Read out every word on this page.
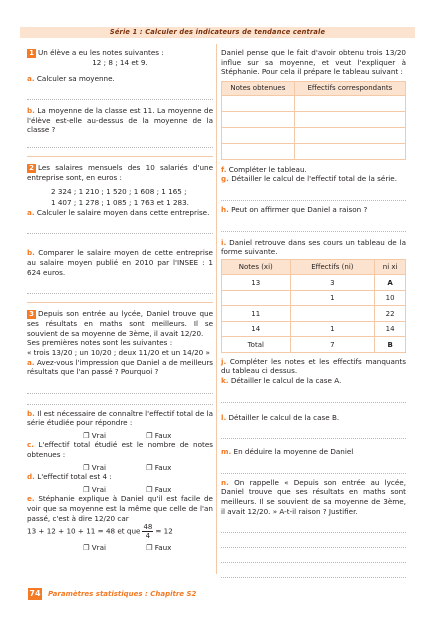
Série 1 : Calculer des indicateurs de tendance centrale

1 Un élève a eu les notes suivantes :

12 ; 8 ; 14 et 9.

a. Calculer sa moyenne.

b. La moyenne de la classe est 11. La moyenne de l'élève est-elle au-dessus de la moyenne de la classe ?

2 Les salaires mensuels des 10 salariés d'une entreprise sont, en euros :

2 324 ; 1 210 ; 1 520 ; 1 608 ; 1 165 ;

1 407 ; 1 278 ; 1 085 ; 1 763 et 1 283.

a. Calculer le salaire moyen dans cette entreprise.

b. Comparer le salaire moyen de cette entreprise au salaire moyen publié en 2010 par l'INSEE : 1 624 euros.

3 Depuis son entrée au lycée, Daniel trouve que ses résultats en maths sont meilleurs. Il se souvient de sa moyenne de 3ème, il avait 12/20.

Ses premières notes sont les suivantes :

« trois 13/20 ; un 10/20 ; deux 11/20 et un 14/20 »

a. Avez-vous l'impression que Daniel a de meilleurs résultats que l'an passé ? Pourquoi ?

b. Il est nécessaire de connaître l'effectif total de la série étudiée pour répondre :

❐ Vrai	❐ Faux

c. L'effectif total étudié est le nombre de notes obtenues :

❐ Vrai	❐ Faux

d. L'effectif total est 4 :

❐ Vrai	❐ Faux

e. Stéphanie explique à Daniel qu'il est facile de voir que sa moyenne est la même que celle de l'an passé, c'est à dire 12/20 car

13 + 12 + 10 + 11 = 48 et que $\frac{48}{4} = 12$

❐ Vrai	❐ Faux

Daniel pense que le fait d'avoir obtenu trois 13/20 influe sur sa moyenne, et veut l'expliquer à Stéphanie. Pour cela il prépare le tableau suivant :

Notes obtenues	Effectifs correspondants

f. Compléter le tableau.

g. Détailler le calcul de l'effectif total de la série.

h. Peut on affirmer que Daniel a raison ?

i. Daniel retrouve dans ses cours un tableau de la forme suivante.

Notes (xi)	Effectifs (ni)	ni xi
13	3	A
	1	10
11		22
14	1	14
Total	7	B

j. Compléter les notes et les effectifs manquants du tableau ci dessus.

k. Détailler le calcul de la case A.

l. Détailler le calcul de la case B.

m. En déduire la moyenne de Daniel

n. On rappelle « Depuis son entrée au lycée, Daniel trouve que ses résultats en maths sont meilleurs. Il se souvient de sa moyenne de 3ème, il avait 12/20. » A-t-il raison ? Justifier.

74 Paramètres statistiques : Chapitre S2
